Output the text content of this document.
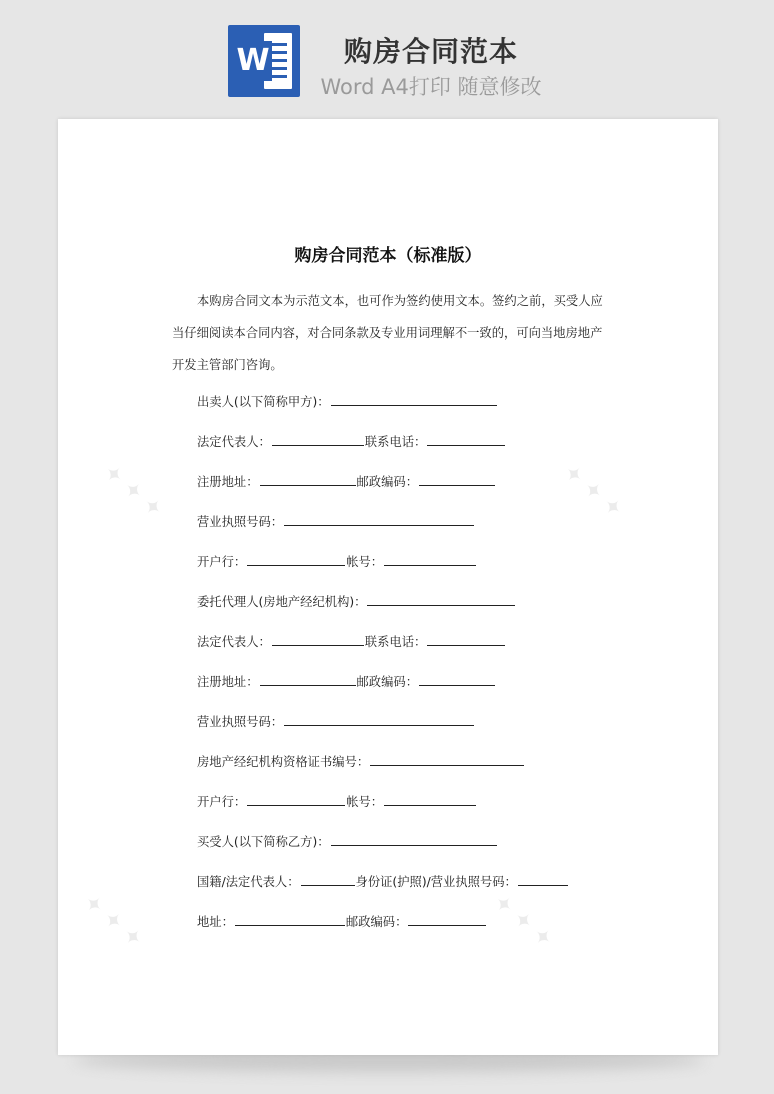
W	购房合同范本
Word A4打印 随意修改
✦ ✦ ✦	✦ ✦ ✦
✦ ✦ ✦	✦ ✦ ✦
购房合同范本（标准版）
本购房合同文本为示范文本，也可作为签约使用文本。签约之前，买受人应当仔细阅读本合同内容，对合同条款及专业用词理解不一致的，可向当地房地产开发主管部门咨询。
出卖人(以下简称甲方)：
法定代表人：	联系电话：
注册地址：	邮政编码：
营业执照号码：
开户行：	帐号：
委托代理人(房地产经纪机构)：
法定代表人：	联系电话：
注册地址：	邮政编码：
营业执照号码：
房地产经纪机构资格证书编号：
开户行：	帐号：
买受人(以下简称乙方)：
国籍/法定代表人：	身份证(护照)/营业执照号码：
地址：	邮政编码：
